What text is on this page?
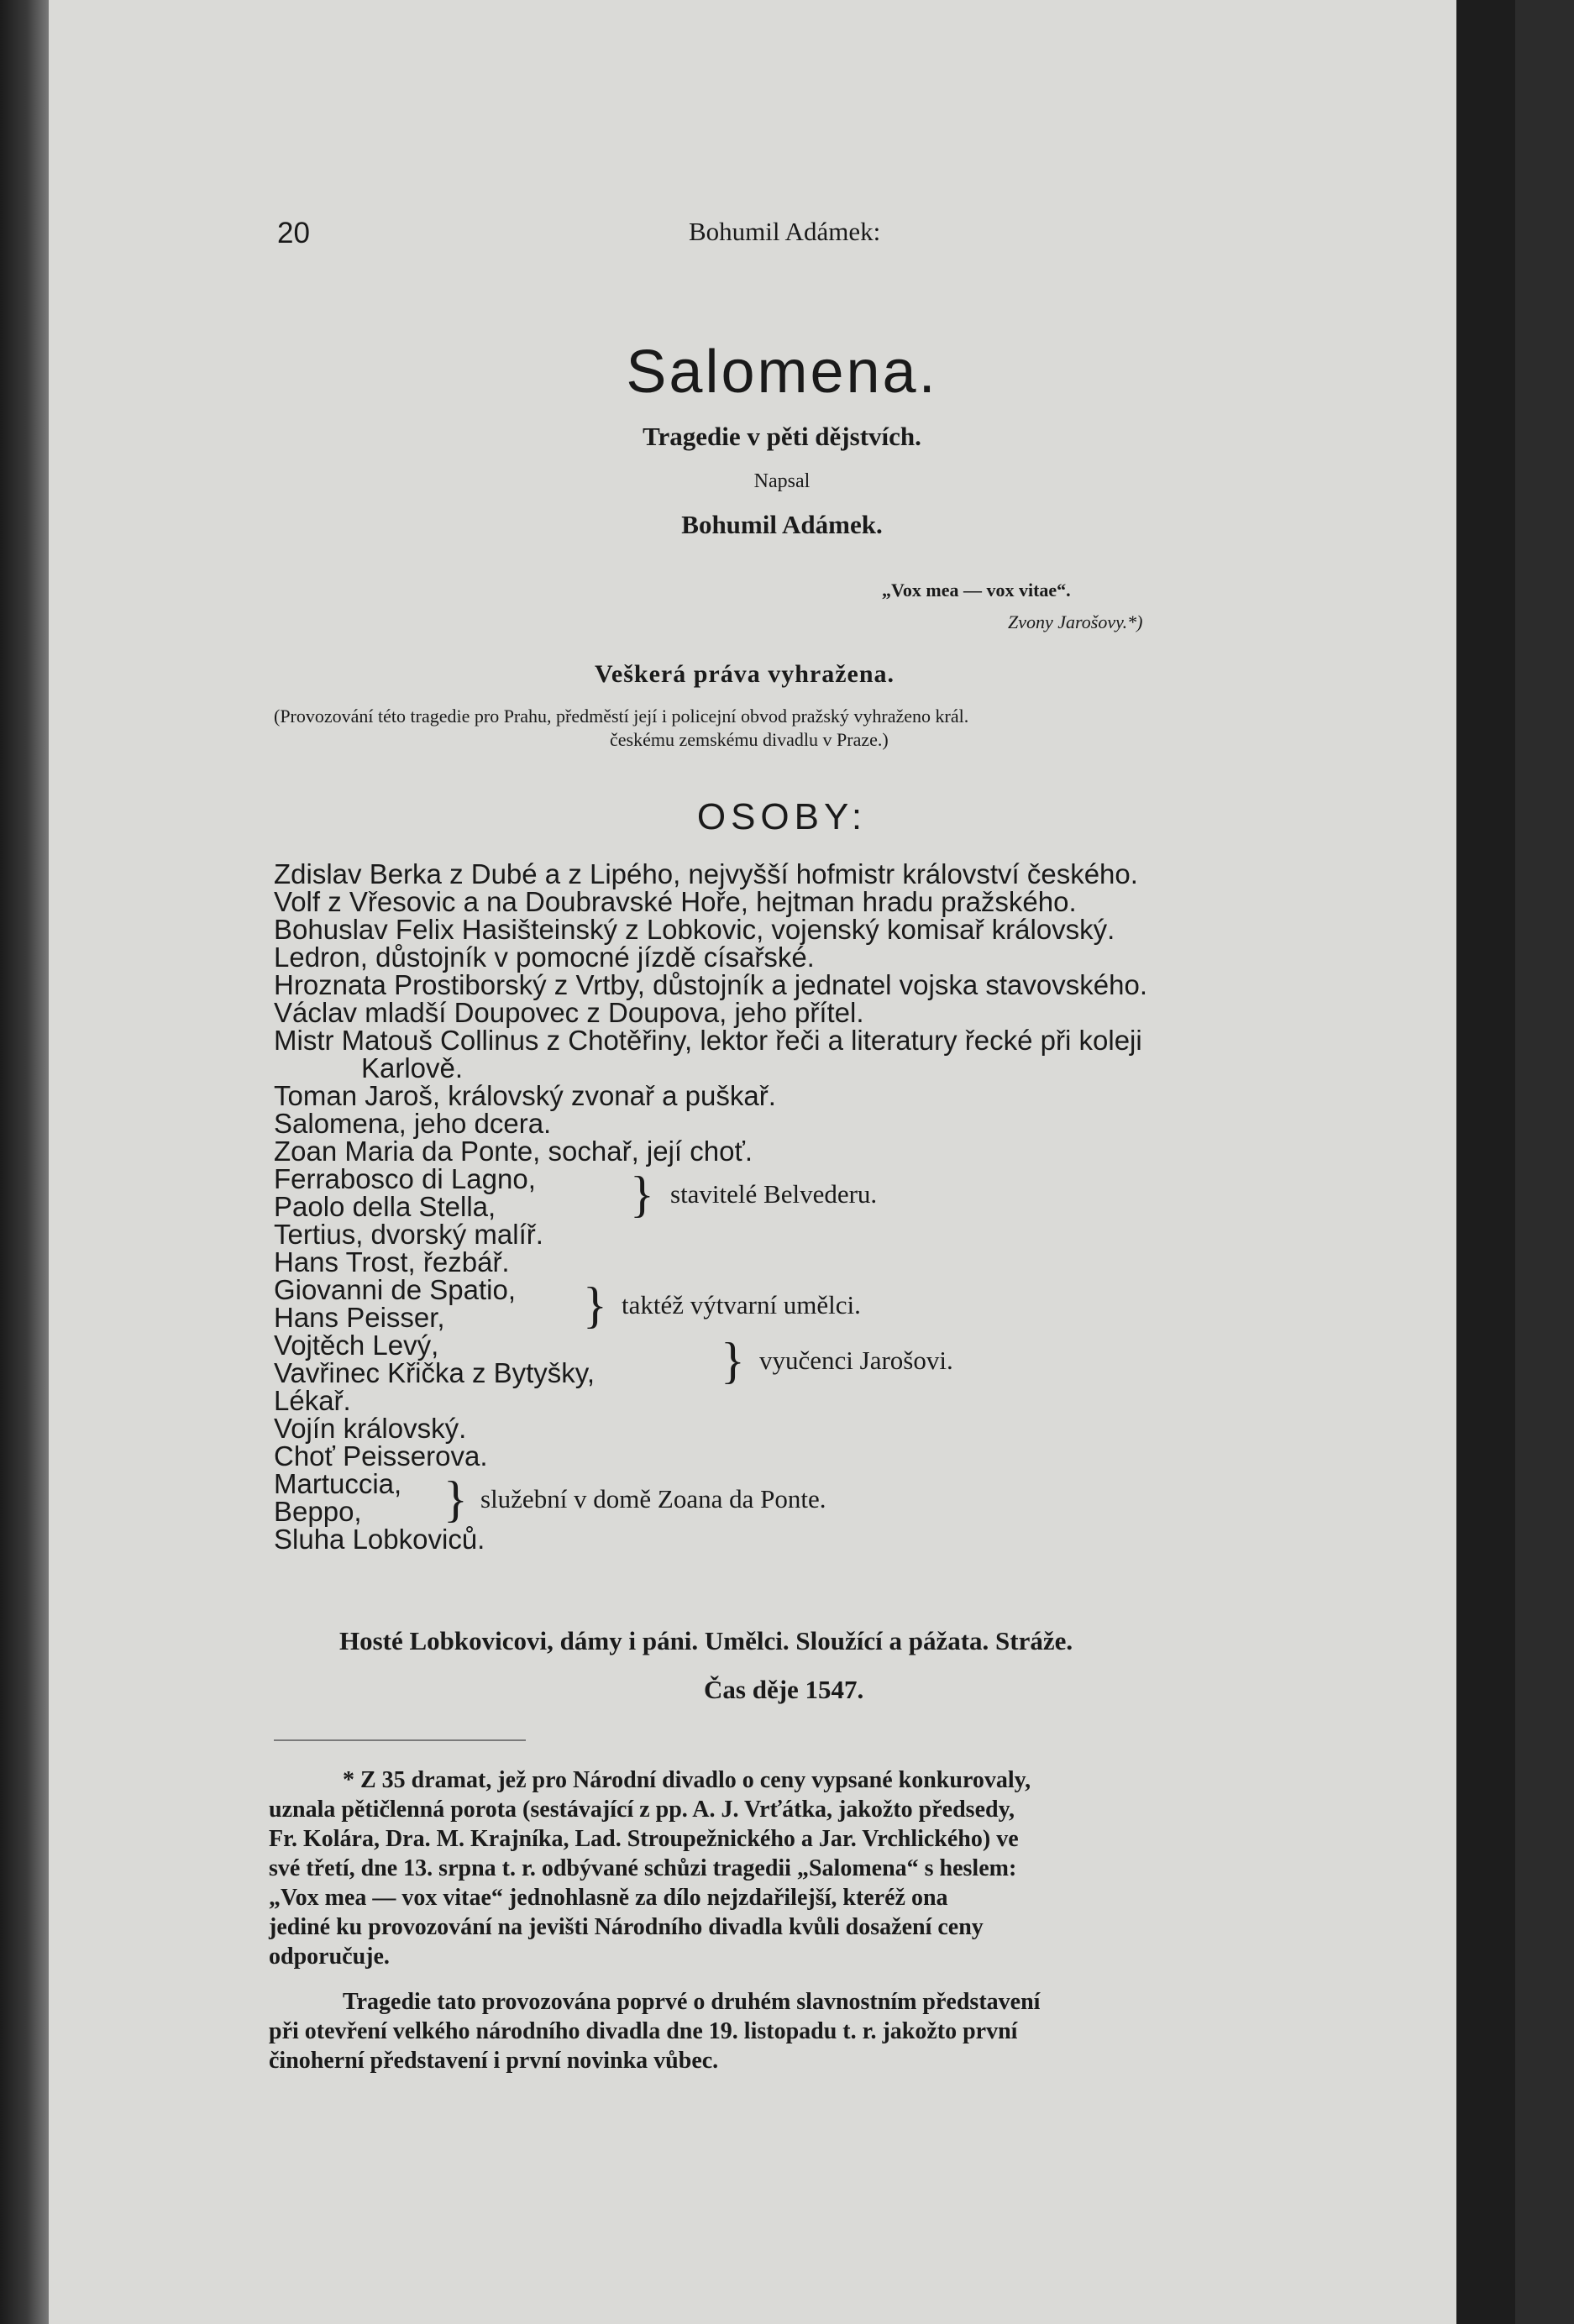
20	Bohumil Adámek:
Salomena.
Tragedie v pěti dějstvích.
Napsal
Bohumil Adámek.
„Vox mea — vox vitae“.
Zvony Jarošovy.*)
Veškerá práva vyhražena.
(Provozování této tragedie pro Prahu, předměstí její i policejní obvod pražský vyhraženo král.
českému zemskému divadlu v Praze.)
OSOBY:
Zdislav Berka z Dubé a z Lipého, nejvyšší hofmistr království českého.
Volf z Vřesovic a na Doubravské Hoře, hejtman hradu pražského.
Bohuslav Felix Hasišteinský z Lobkovic, vojenský komisař královský.
Ledron, důstojník v pomocné jízdě císařské.
Hroznata Prostiborský z Vrtby, důstojník a jednatel vojska stavovského.
Václav mladší Doupovec z Doupova, jeho přítel.
Mistr Matouš Collinus z Chotěřiny, lektor řeči a literatury řecké při koleji
Karlově.
Toman Jaroš, královský zvonař a puškař.
Salomena, jeho dcera.
Zoan Maria da Ponte, sochař, její choť.
Ferrabosco di Lagno,
Paolo della Stella,	} stavitelé Belvederu.
Tertius, dvorský malíř.
Hans Trost, řezbář.
Giovanni de Spatio,
Hans Peisser,	} taktéž výtvarní umělci.
Vojtěch Levý,
Vavřinec Křička z Bytyšky, } vyučenci Jarošovi.
Lékař.
Vojín královský.
Choť Peisserova.
Martuccia,
Beppo, } služební v domě Zoana da Ponte.
Sluha Lobkoviců.
Hosté Lobkovicovi, dámy i páni. Umělci. Sloužící a pážata. Stráže.
Čas děje 1547.
* Z 35 dramat, jež pro Národní divadlo o ceny vypsané konkurovaly,
uznala pětičlenná porota (sestávající z pp. A. J. Vrťátka, jakožto předsedy,
Fr. Kolára, Dra. M. Krajníka, Lad. Stroupežnického a Jar. Vrchlického) ve
své třetí, dne 13. srpna t. r. odbývané schůzi tragedii „Salomena“ s heslem:
„Vox mea — vox vitae“ jednohlasně za dílo nejzdařilejší, kteréž ona
jediné ku provozování na jevišti Národního divadla kvůli dosažení ceny
odporučuje.
Tragedie tato provozována poprvé o druhém slavnostním představení
při otevření velkého národního divadla dne 19. listopadu t. r. jakožto první
činoherní představení i první novinka vůbec.
